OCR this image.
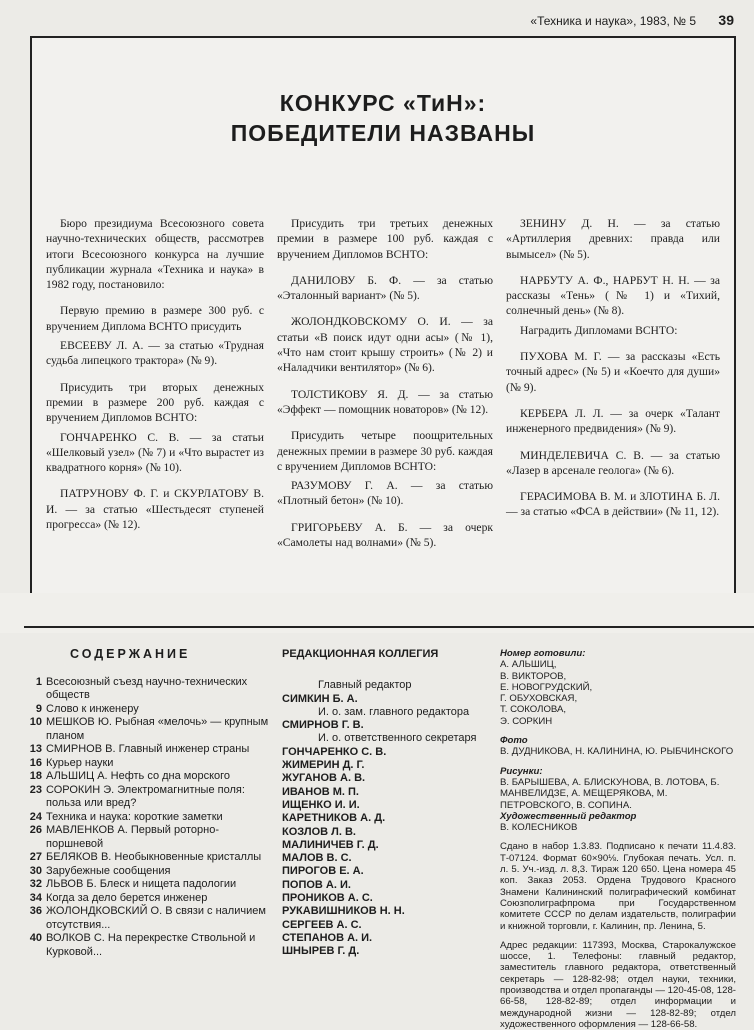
«Техника и наука», 1983, № 5 39
КОНКУРС «ТиН»:
ПОБЕДИТЕЛИ НАЗВАНЫ

Бюро президиума Всесоюзного совета научно-технических обществ, рассмотрев итоги Всесоюзного конкурса на лучшие публикации журнала «Техника и наука» в 1982 году, постановило:

Первую премию в размере 300 руб. с вручением Диплома ВСНТО присудить

ЕВСЕЕВУ Л. А. — за статью «Трудная судьба липецкого трактора» (№ 9).

Присудить три вторых денежных премии в размере 200 руб. каждая с вручением Дипломов ВСНТО:

ГОНЧАРЕНКО С. В. — за статьи «Шелковый узел» (№ 7) и «Что вырастет из квадратного корня» (№ 10).

ПАТРУНОВУ Ф. Г. и СКУРЛАТОВУ В. И. — за статью «Шестьдесят ступеней прогресса» (№ 12).

Присудить три третьих денежных премии в размере 100 руб. каждая с вручением Дипломов ВСНТО:

ДАНИЛОВУ Б. Ф. — за статью «Эталонный вариант» (№ 5).

ЖОЛОНДКОВСКОМУ О. И. — за статьи «В поиск идут одни асы» (№ 1), «Что нам стоит крышу строить» (№ 2) и «Наладчики вентилятор» (№ 6).

ТОЛСТИКОВУ Я. Д. — за статью «Эффект — помощник новаторов» (№ 12).

Присудить четыре поощрительных денежных премии в размере 30 руб. каждая с вручением Дипломов ВСНТО:

РАЗУМОВУ Г. А. — за статью «Плотный бетон» (№ 10).

ГРИГОРЬЕВУ А. Б. — за очерк «Самолеты над волнами» (№ 5).

ЗЕНИНУ Д. Н. — за статью «Артиллерия древних: правда или вымысел» (№ 5).

НАРБУТУ А. Ф., НАРБУТ Н. Н. — за рассказы «Тень» (№ 1) и «Тихий, солнечный день» (№ 8).

Наградить Дипломами ВСНТО:

ПУХОВА М. Г. — за рассказы «Есть точный адрес» (№ 5) и «Коечто для души» (№ 9).

КЕРБЕРА Л. Л. — за очерк «Талант инженерного предвидения» (№ 9).

МИНДЕЛЕВИЧА С. В. — за статью «Лазер в арсенале геолога» (№ 6).

ГЕРАСИМОВА В. М. и ЗЛОТИНА Б. Л. — за статью «ФСА в действии» (№ 11, 12).

СОДЕРЖАНИЕ
1 Всесоюзный съезд научно-технических обществ
9 Слово к инженеру
10 МЕШКОВ Ю. Рыбная «мелочь» — крупным планом
13 СМИРНОВ В. Главный инженер страны
16 Курьер науки
18 АЛЬШИЦ А. Нефть со дна морского
23 СОРОКИН Э. Электромагнитные поля: польза или вред?
24 Техника и наука: короткие заметки
26 МАВЛЕНКОВ А. Первый роторно-поршневой
27 БЕЛЯКОВ В. Необыкновенные кристаллы
30 Зарубежные сообщения
32 ЛЬВОВ Б. Блеск и нищета падологии
34 Когда за дело берется инженер
36 ЖОЛОНДКОВСКИЙ О. В связи с наличием отсутствия...
40 ВОЛКОВ С. На перекрестке Ствольной и Курковой...
РЕДАКЦИОННАЯ КОЛЛЕГИЯ
Главный редактор
СИМКИН Б. А.
И. о. зам. главного редактора
СМИРНОВ Г. В.
И. о. ответственного секретаря
ГОНЧАРЕНКО С. В.
ЖИМЕРИН Д. Г.
ЖУГАНОВ А. В.
ИВАНОВ М. П.
ИЩЕНКО И. И.
КАРЕТНИКОВ А. Д.
КОЗЛОВ Л. В.
МАЛИНИЧЕВ Г. Д.
МАЛОВ В. С.
ПИРОГОВ Е. А.
ПОПОВ А. И.
ПРОНИКОВ А. С.
РУКАВИШНИКОВ Н. Н.
СЕРГЕЕВ А. С.
СТЕПАНОВ А. И.
ШНЫРЕВ Г. Д.
Номер готовили:
А. АЛЬШИЦ,
В. ВИКТОРОВ,
Е. НОВОГРУДСКИЙ,
Г. ОБУХОВСКАЯ,
Т. СОКОЛОВА,
Э. СОРКИН
Фото
В. ДУДНИКОВА, Н. КАЛИНИНА, Ю. РЫБЧИНСКОГО
Рисунки:
В. БАРЫШЕВА, А. БЛИСКУНОВА, В. ЛОТОВА, Б. МАНВЕЛИДЗЕ, А. МЕЩЕРЯКОВА, М. ПЕТРОВСКОГО, В. СОПИНА.
Художественный редактор
В. КОЛЕСНИКОВ
Сдано в набор 1.3.83. Подписано к печати 11.4.83. Т-07124. Формат 60×90⅛. Глубокая печать. Усл. п. л. 5. Уч.-изд. л. 8,3. Тираж 120 650. Цена номера 45 коп. Заказ 2053. Ордена Трудового Красного Знамени Калининский полиграфический комбинат Союзполиграфпрома при Государственном комитете СССР по делам издательств, полиграфии и книжной торговли, г. Калинин, пр. Ленина, 5.
Адрес редакции: 117393, Москва, Старокалужское шоссе, 1. Телефоны: главный редактор, заместитель главного редактора, ответственный секретарь — 128-82-98; отдел науки, техники, производства и отдел пропаганды — 120-45-08, 128-66-58, 128-82-89; отдел информации и международной жизни — 128-82-89; отдел художественного оформления — 128-66-58.
